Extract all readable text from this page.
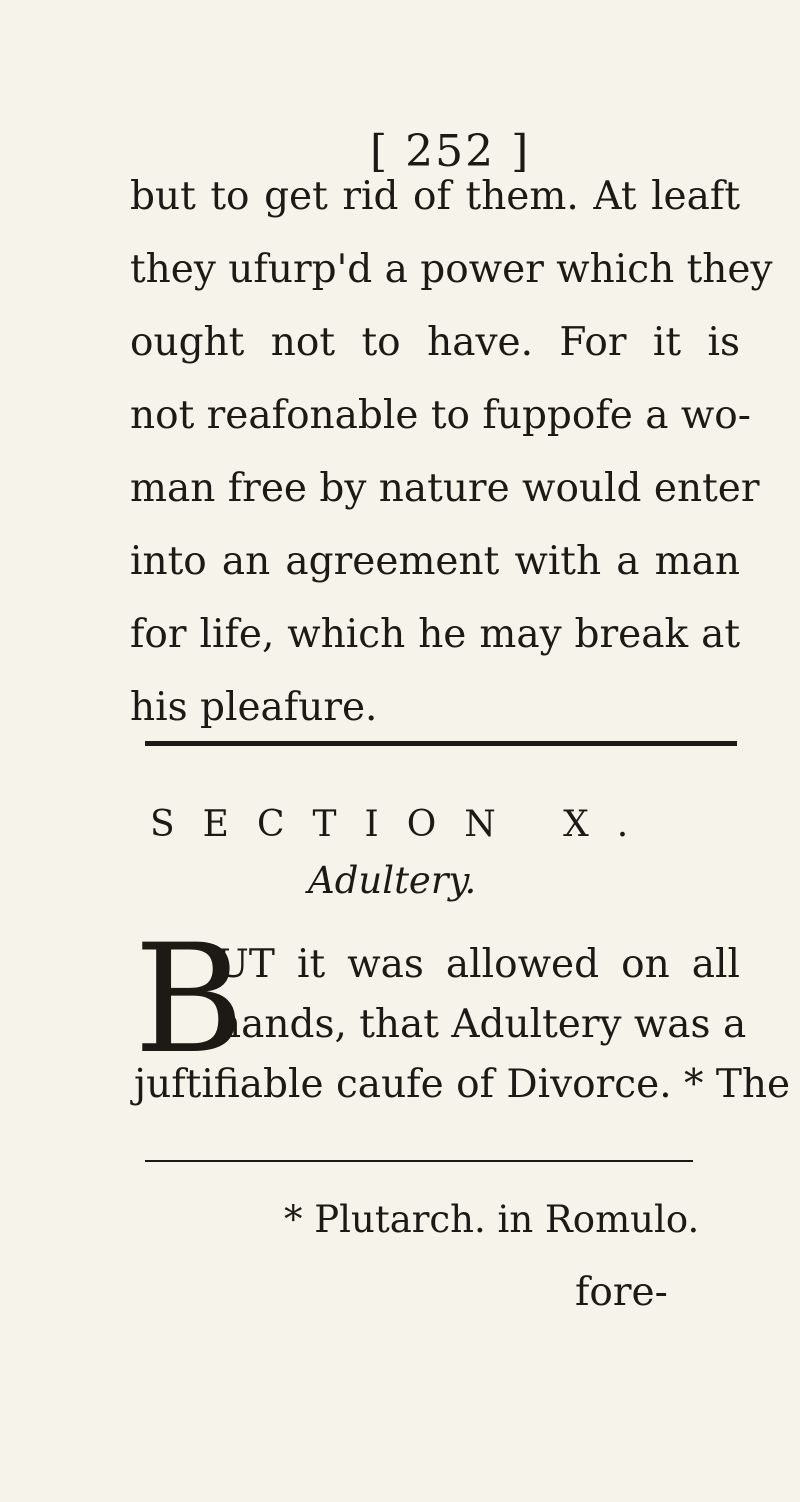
[ 252 ]
but to get rid of them. At leaft
they ufurp'd a power which they
ought not to have. For it is
not reafonable to fuppofe a wo-
man free by nature would enter
into an agreement with a man
for life, which he may break at
his pleafure.
SECTION X.
Adultery.
B
UT it was allowed on all
hands, that Adultery was a
juftifiable caufe of Divorce. * The
* Plutarch. in Romulo.
fore-
